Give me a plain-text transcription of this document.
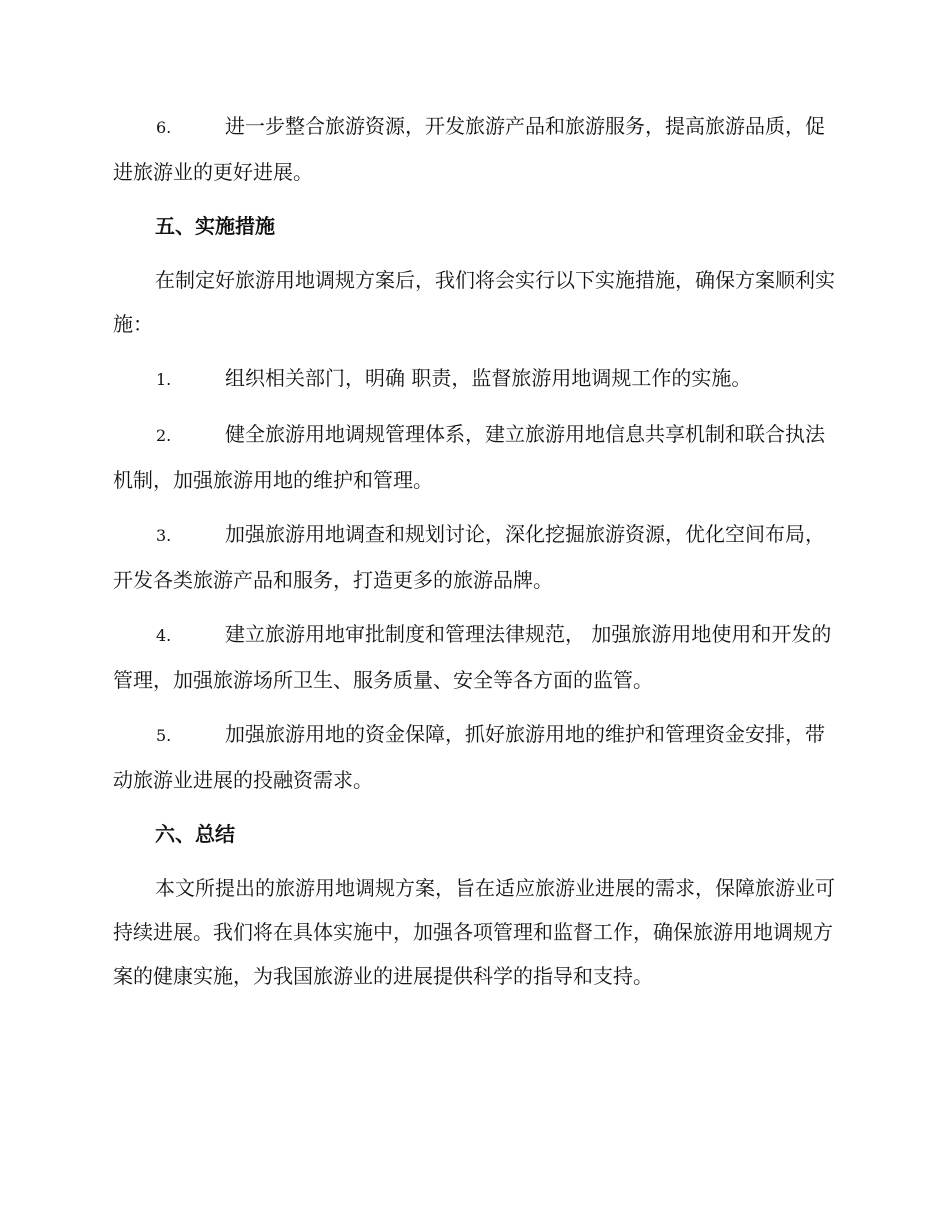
6.	进一步整合旅游资源，开发旅游产品和旅游服务，提高旅游品质，促进旅游业的更好进展。

五、实施措施

在制定好旅游用地调规方案后，我们将会实行以下实施措施，确保方案顺利实施：

1.	组织相关部门，明确 职责，监督旅游用地调规工作的实施。

2.	健全旅游用地调规管理体系，建立旅游用地信息共享机制和联合执法机制，加强旅游用地的维护和管理。

3.	加强旅游用地调查和规划讨论，深化挖掘旅游资源，优化空间布局，开发各类旅游产品和服务，打造更多的旅游品牌。

4.	建立旅游用地审批制度和管理法律规范， 加强旅游用地使用和开发的管理，加强旅游场所卫生、服务质量、安全等各方面的监管。

5.	加强旅游用地的资金保障，抓好旅游用地的维护和管理资金安排，带动旅游业进展的投融资需求。

六、总结

本文所提出的旅游用地调规方案，旨在适应旅游业进展的需求，保障旅游业可持续进展。我们将在具体实施中，加强各项管理和监督工作，确保旅游用地调规方案的健康实施，为我国旅游业的进展提供科学的指导和支持。
